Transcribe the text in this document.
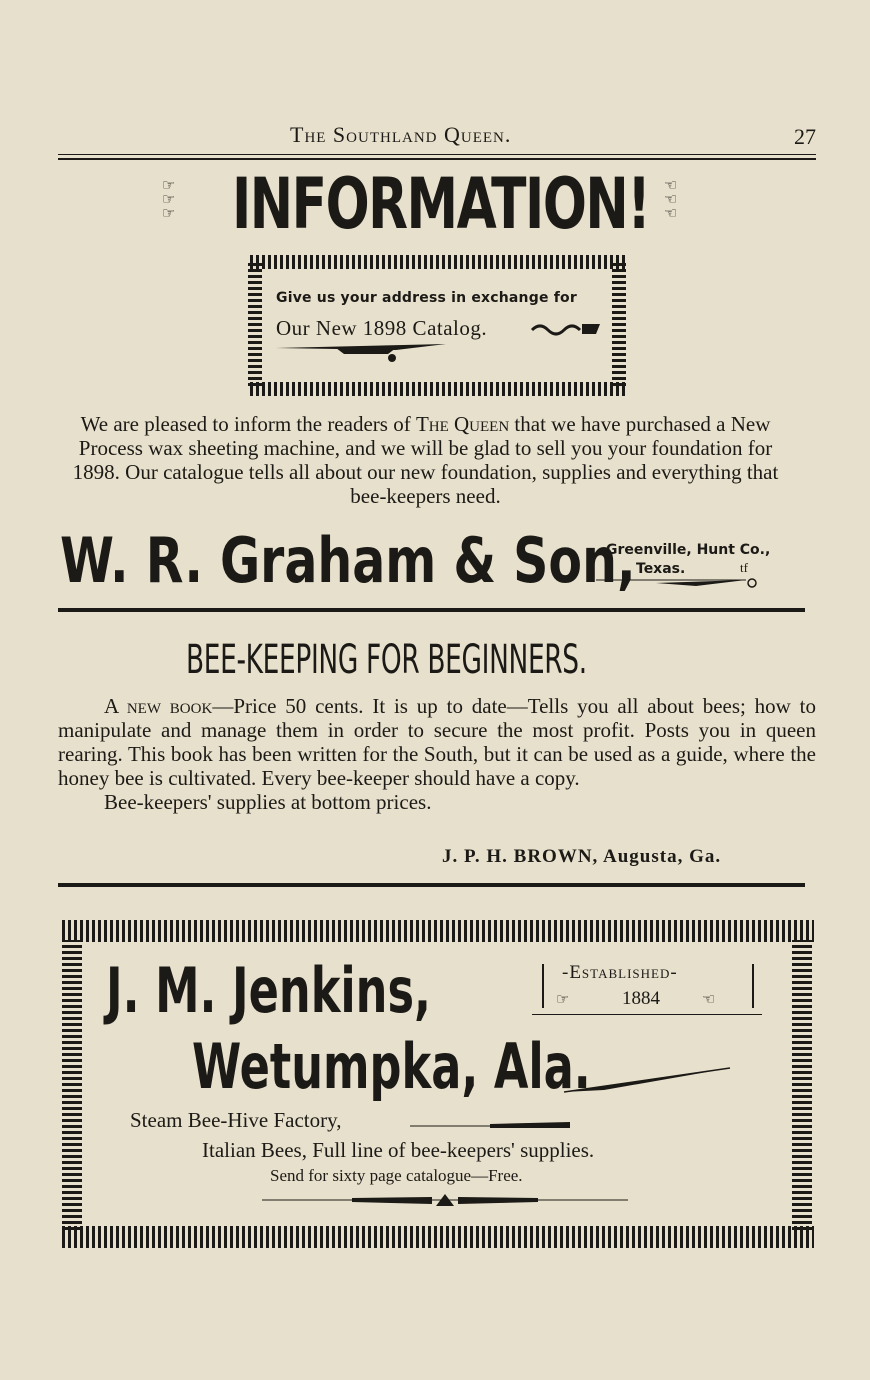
The Southland Queen.	27
☞
☞
☞ INFORMATION! ☜
☜
☜
Give us your address in exchange for
Our New 1898 Catalog.

We are pleased to inform the readers of The Queen that we have purchased a New Process wax sheeting machine, and we will be glad to sell you your foundation for 1898. Our catalogue tells all about our new foundation, supplies and everything that bee-keepers need.

W. R. Graham & Son,
Greenville, Hunt Co.,
Texas.	tf
BEE-KEEPING FOR BEGINNERS.

A new book—Price 50 cents. It is up to date—Tells you all about bees; how to manipulate and manage them in order to secure the most profit. Posts you in queen rearing. This book has been written for the South, but it can be used as a guide, where the honey bee is cultivated. Every bee-keeper should have a copy.

Bee-keepers' supplies at bottom prices.

J. P. H. BROWN, Augusta, Ga.
J. M. Jenkins,	-Established-
☞	1884	☜
Wetumpka, Ala.
Steam Bee-Hive Factory,
Italian Bees, Full line of bee-keepers' supplies.
Send for sixty page catalogue—Free.
